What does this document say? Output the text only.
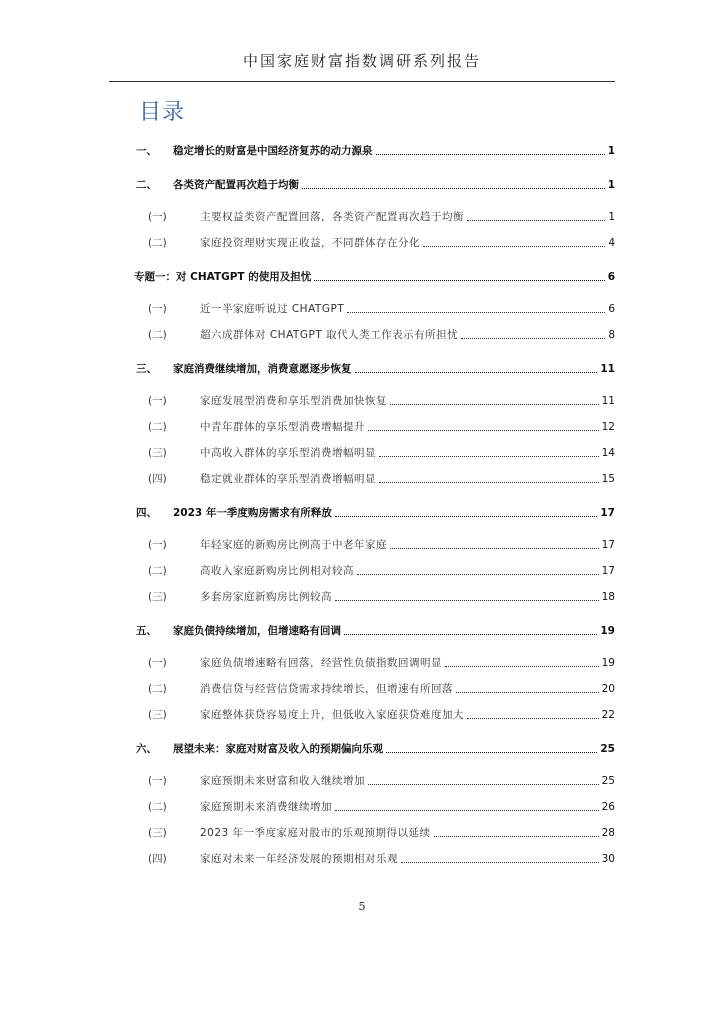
中国家庭财富指数调研系列报告
目录
一、	稳定增长的财富是中国经济复苏的动力源泉	1
二、	各类资产配置再次趋于均衡	1
(一)	主要权益类资产配置回落，各类资产配置再次趋于均衡	1
(二)	家庭投资理财实现正收益，不同群体存在分化	4
专题一：对 CHATGPT 的使用及担忧	6
(一)	近一半家庭听说过 CHATGPT	6
(二)	超六成群体对 CHATGPT 取代人类工作表示有所担忧	8
三、	家庭消费继续增加，消费意愿逐步恢复	11
(一)	家庭发展型消费和享乐型消费加快恢复	11
(二)	中青年群体的享乐型消费增幅提升	12
(三)	中高收入群体的享乐型消费增幅明显	14
(四)	稳定就业群体的享乐型消费增幅明显	15
四、	2023 年一季度购房需求有所释放	17
(一)	年轻家庭的新购房比例高于中老年家庭	17
(二)	高收入家庭新购房比例相对较高	17
(三)	多套房家庭新购房比例较高	18
五、	家庭负债持续增加，但增速略有回调	19
(一)	家庭负债增速略有回落，经营性负债指数回调明显	19
(二)	消费信贷与经营信贷需求持续增长，但增速有所回落	20
(三)	家庭整体获贷容易度上升，但低收入家庭获贷难度加大	22
六、	展望未来：家庭对财富及收入的预期偏向乐观	25
(一)	家庭预期未来财富和收入继续增加	25
(二)	家庭预期未来消费继续增加	26
(三)	2023 年一季度家庭对股市的乐观预期得以延续	28
(四)	家庭对未来一年经济发展的预期相对乐观	30
5
